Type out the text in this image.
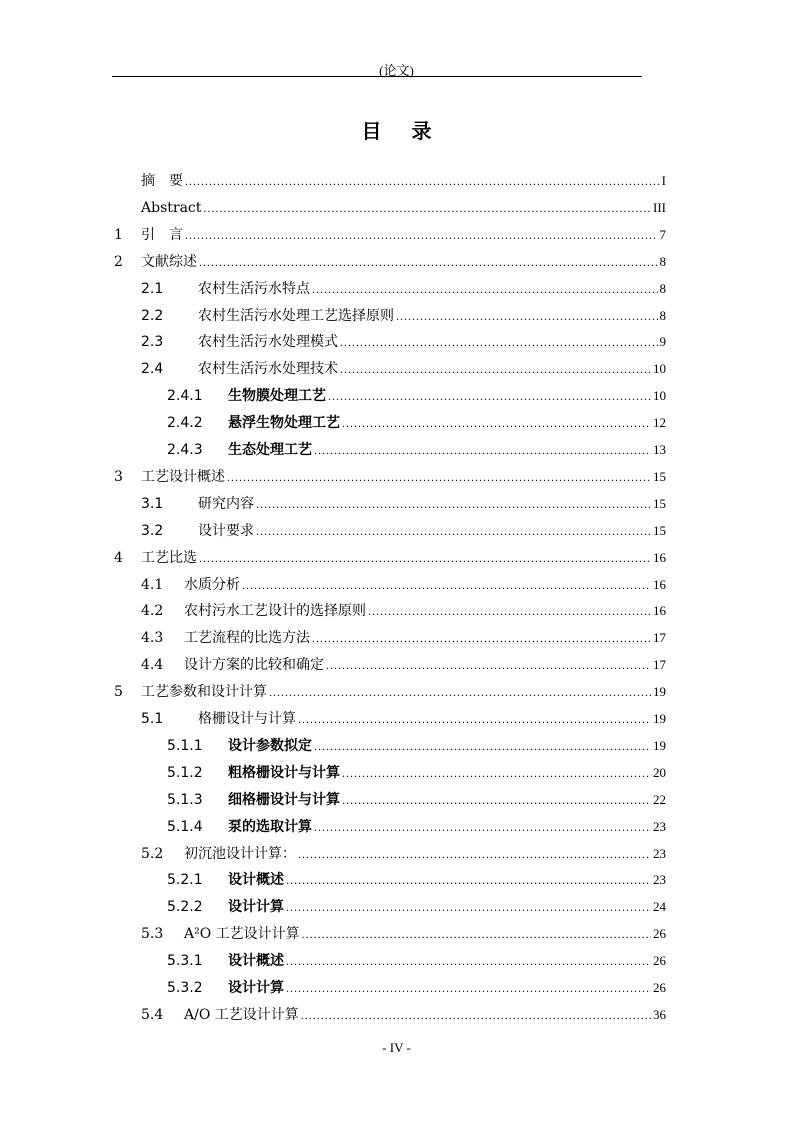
(论文)
目录
摘　要 .....	I
Abstract .....	III
1 引　言 .....	7
2 文献综述 .....	8
2.1 农村生活污水特点 .....	8
2.2 农村生活污水处理工艺选择原则 .....	8
2.3 农村生活污水处理模式 .....	9
2.4 农村生活污水处理技术 .....	10
2.4.1 生物膜处理工艺 .....	10
2.4.2 悬浮生物处理工艺 .....	12
2.4.3 生态处理工艺 .....	13
3 工艺设计概述 .....	15
3.1 研究内容 .....	15
3.2 设计要求 .....	15
4 工艺比选 .....	16
4.1 水质分析 .....	16
4.2 农村污水工艺设计的选择原则 .....	16
4.3 工艺流程的比选方法 .....	17
4.4 设计方案的比较和确定 .....	17
5 工艺参数和设计计算 .....	19
5.1 格栅设计与计算 .....	19
5.1.1 设计参数拟定 .....	19
5.1.2 粗格栅设计与计算 .....	20
5.1.3 细格栅设计与计算 .....	22
5.1.4 泵的选取计算 .....	23
5.2 初沉池设计计算： .....	23
5.2.1 设计概述 .....	23
5.2.2 设计计算 .....	24
5.3 A²O 工艺设计计算 .....	26
5.3.1 设计概述 .....	26
5.3.2 设计计算 .....	26
5.4 A/O 工艺设计计算 .....	36
- IV -
